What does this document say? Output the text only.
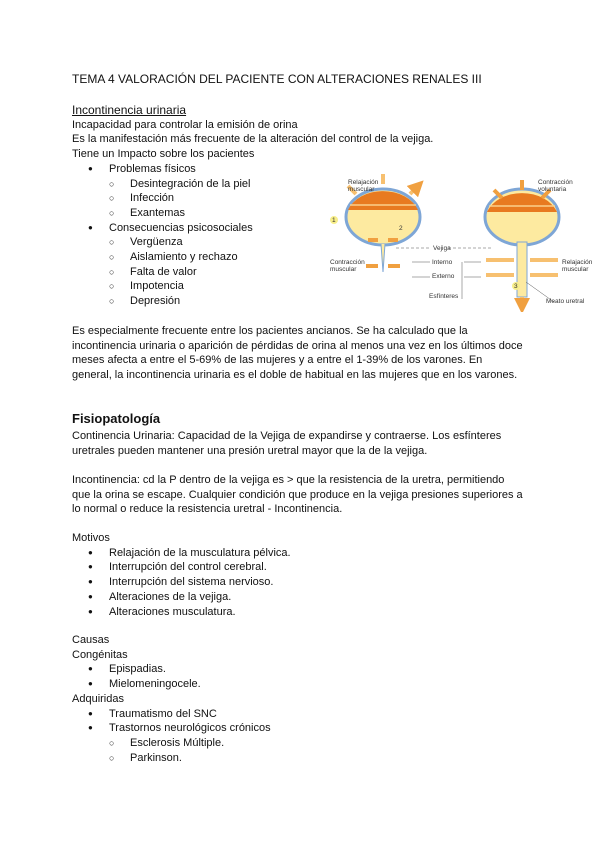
TEMA 4 VALORACIÓN DEL PACIENTE CON ALTERACIONES RENALES III

Incontinencia urinaria

Incapacidad para controlar la emisión de orina

Es la manifestación más frecuente de la alteración del control de la vejiga.

Tiene un Impacto sobre los pacientes

● Problemas físicos
○ Desintegración de la piel
○ Infección
○ Exantemas
● Consecuencias psicosociales
○ Vergüenza
○ Aislamiento y rechazo
○ Falta de valor
○ Impotencia
○ Depresión
1
2
3
Relajación
muscular
Contracción
voluntaria
Vejiga
Contracción
muscular
Interno
Externo
Relajación
muscular
Esfínteres
Meato uretral

Es especialmente frecuente entre los pacientes ancianos. Se ha calculado que la

incontinencia urinaria o aparición de pérdidas de orina al menos una vez en los últimos doce

meses afecta a entre el 5-69% de las mujeres y a entre el 1-39% de los varones. En

general, la incontinencia urinaria es el doble de habitual en las mujeres que en los varones.

Fisiopatología

Continencia Urinaria: Capacidad de la Vejiga de expandirse y contraerse. Los esfínteres

uretrales pueden mantener una presión uretral mayor que la de la vejiga.

Incontinencia: cd la P dentro de la vejiga es > que la resistencia de la uretra, permitiendo

que la orina se escape. Cualquier condición que produce en la vejiga presiones superiores a

lo normal o reduce la resistencia uretral - Incontinencia.

Motivos

● Relajación de la musculatura pélvica.
● Interrupción del control cerebral.
● Interrupción del sistema nervioso.
● Alteraciones de la vejiga.
● Alteraciones musculatura.

Causas

Congénitas

● Epispadias.
● Mielomeningocele.

Adquiridas

● Traumatismo del SNC
● Trastornos neurológicos crónicos
○ Esclerosis Múltiple.
○ Parkinson.
